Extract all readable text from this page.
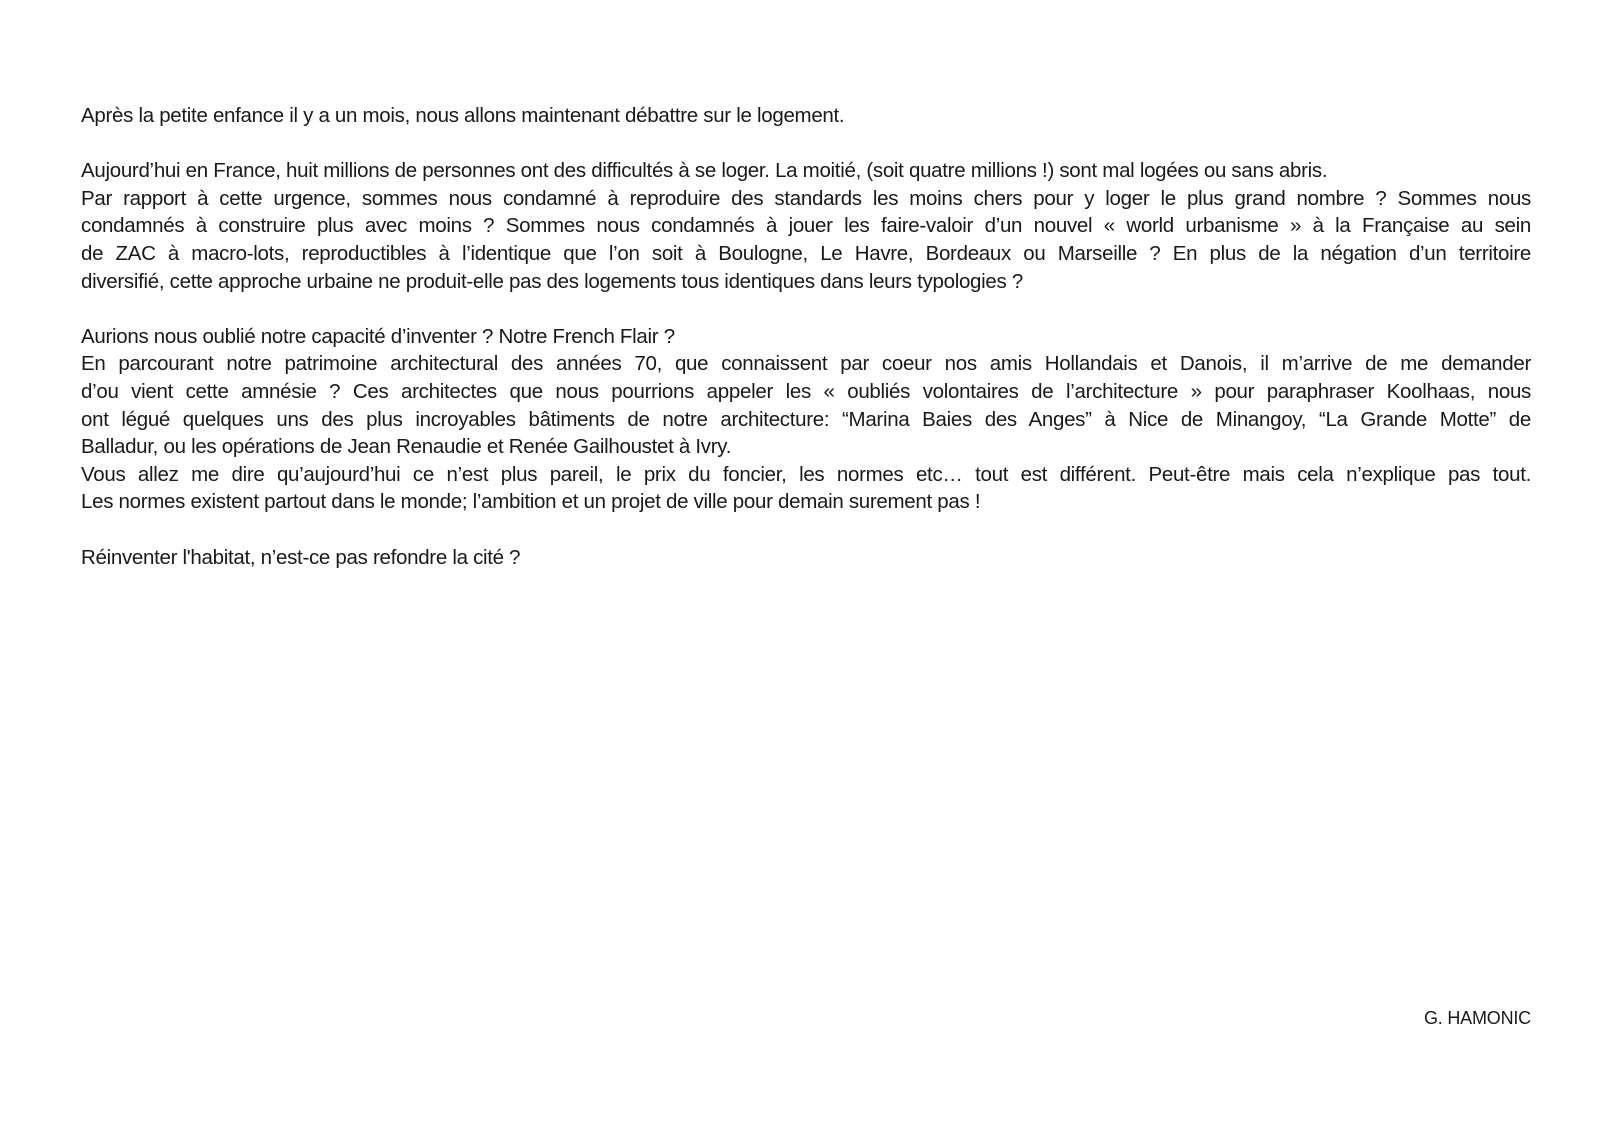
Après la petite enfance il y a un mois, nous allons maintenant débattre sur le logement.

Aujourd’hui en France, huit millions de personnes ont des difficultés à se loger. La moitié, (soit quatre millions !) sont mal logées ou sans abris.
Par rapport à cette urgence, sommes nous condamné à reproduire des standards les moins chers pour y loger le plus grand nombre ? Sommes nous
condamnés à construire plus avec moins ? Sommes nous condamnés à jouer les faire-valoir d’un nouvel « world urbanisme » à la Française au sein
de ZAC à macro-lots, reproductibles à l’identique que l’on soit à Boulogne, Le Havre, Bordeaux ou Marseille ? En plus de la négation d’un territoire
diversifié, cette approche urbaine ne produit-elle pas des logements tous identiques dans leurs typologies ?

Aurions nous oublié notre capacité d’inventer ? Notre French Flair ?
En parcourant notre patrimoine architectural des années 70, que connaissent par coeur nos amis Hollandais et Danois, il m’arrive de me demander
d’ou vient cette amnésie ? Ces architectes que nous pourrions appeler les « oubliés volontaires de l’architecture » pour paraphraser Koolhaas, nous
ont légué quelques uns des plus incroyables bâtiments de notre architecture: “Marina Baies des Anges” à Nice de Minangoy, “La Grande Motte” de
Balladur, ou les opérations de Jean Renaudie et Renée Gailhoustet à Ivry.
Vous allez me dire qu’aujourd’hui ce n’est plus pareil, le prix du foncier, les normes etc… tout est différent. Peut-être mais cela n’explique pas tout.
Les normes existent partout dans le monde; l’ambition et un projet de ville pour demain surement pas !

Réinventer l'habitat, n’est-ce pas refondre la cité ?

G. HAMONIC
